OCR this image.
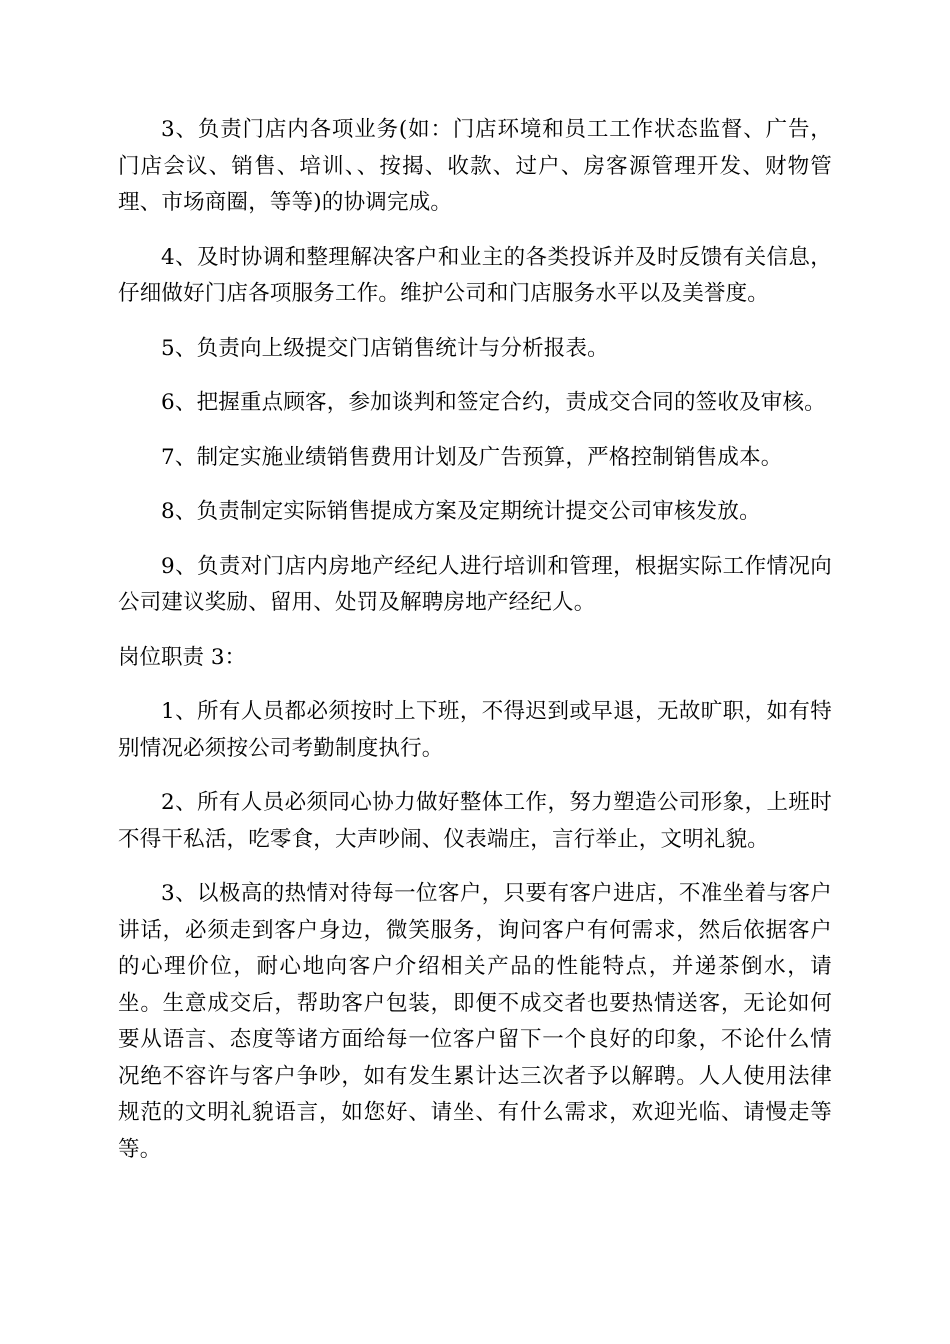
3、负责门店内各项业务(如：门店环境和员工工作状态监督、广告，门店会议、销售、培训、、按揭、收款、过户、房客源管理开发、财物管理、市场商圈，等等)的协调完成。

4、及时协调和整理解决客户和业主的各类投诉并及时反馈有关信息，仔细做好门店各项服务工作。维护公司和门店服务水平以及美誉度。

5、负责向上级提交门店销售统计与分析报表。

6、把握重点顾客，参加谈判和签定合约，责成交合同的签收及审核。

7、制定实施业绩销售费用计划及广告预算，严格控制销售成本。

8、负责制定实际销售提成方案及定期统计提交公司审核发放。

9、负责对门店内房地产经纪人进行培训和管理，根据实际工作情况向公司建议奖励、留用、处罚及解聘房地产经纪人。

岗位职责 3：

1、所有人员都必须按时上下班，不得迟到或早退，无故旷职，如有特别情况必须按公司考勤制度执行。

2、所有人员必须同心协力做好整体工作，努力塑造公司形象，上班时不得干私活，吃零食，大声吵闹、仪表端庄，言行举止，文明礼貌。

3、以极高的热情对待每一位客户，只要有客户进店，不准坐着与客户讲话，必须走到客户身边，微笑服务，询问客户有何需求，然后依据客户的心理价位，耐心地向客户介绍相关产品的性能特点，并递茶倒水，请坐。生意成交后，帮助客户包装，即便不成交者也要热情送客，无论如何要从语言、态度等诸方面给每一位客户留下一个良好的印象，不论什么情况绝不容许与客户争吵，如有发生累计达三次者予以解聘。人人使用法律规范的文明礼貌语言，如您好、请坐、有什么需求，欢迎光临、请慢走等等。
